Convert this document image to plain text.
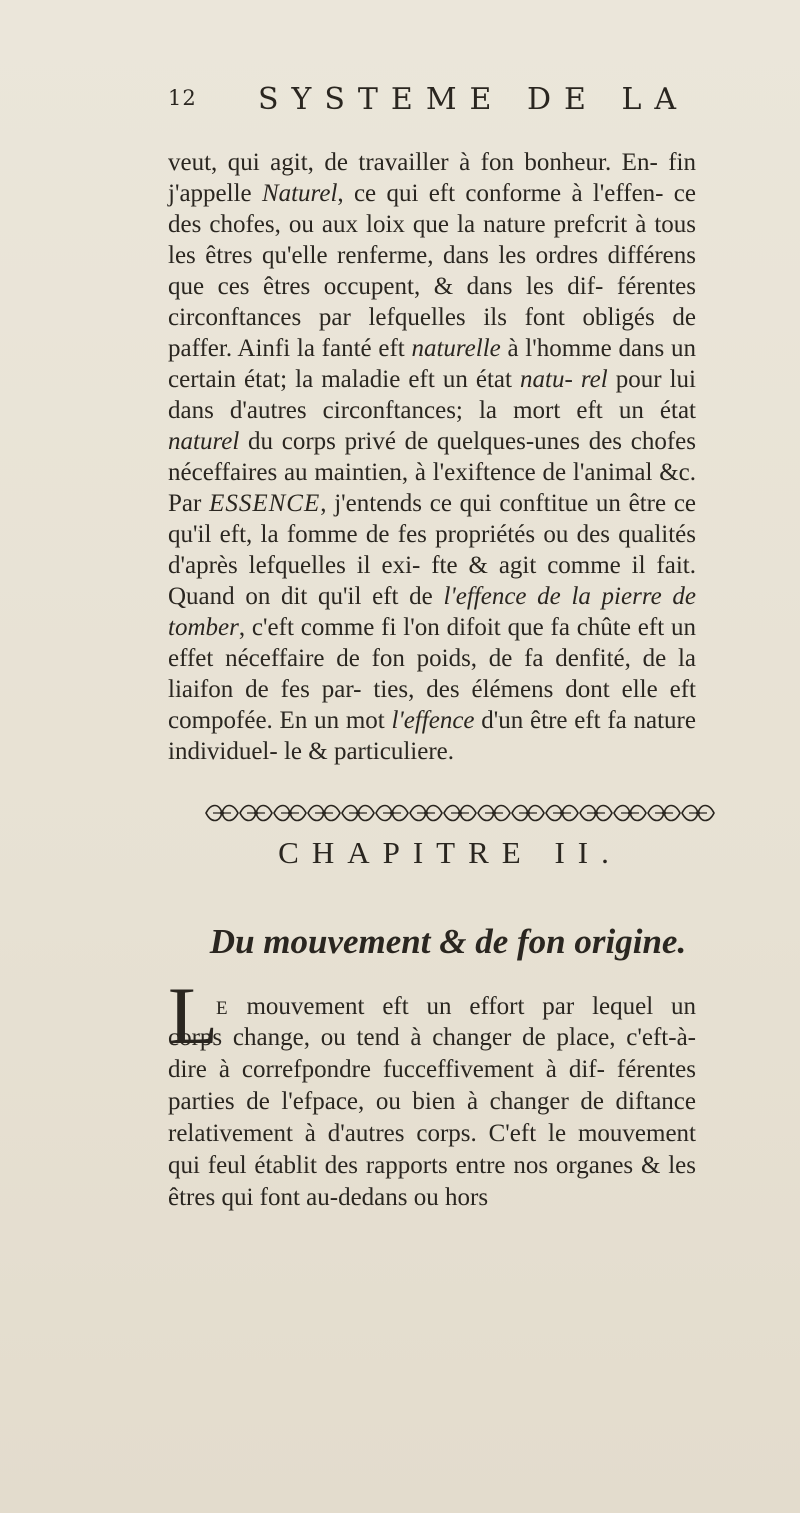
12 SYSTEME DE LA

veut, qui agit, de travailler à fon bonheur. En- fin j'appelle Naturel, ce qui eft conforme à l'effen- ce des chofes, ou aux loix que la nature prefcrit à tous les êtres qu'elle renferme, dans les ordres différens que ces êtres occupent, & dans les dif- férentes circonftances par lefquelles ils font obligés de paffer. Ainfi la fanté eft naturelle à l'homme dans un certain état; la maladie eft un état natu- rel pour lui dans d'autres circonftances; la mort eft un état naturel du corps privé de quelques-unes des chofes néceffaires au maintien, à l'exiftence de l'animal &c. Par ESSENCE, j'entends ce qui conftitue un être ce qu'il eft, la fomme de fes propriétés ou des qualités d'après lefquelles il exi- fte & agit comme il fait. Quand on dit qu'il eft de l'effence de la pierre de tomber, c'eft comme fi l'on difoit que fa chûte eft un effet néceffaire de fon poids, de fa denfité, de la liaifon de fes par- ties, des élémens dont elle eft compofée. En un mot l'effence d'un être eft fa nature individuel- le & particuliere.

CHAPITRE II.
Du mouvement & de fon origine.
L

E mouvement eft un effort par lequel un

corps change, ou tend à changer de place, c'eft-à-dire à correfpondre fucceffivement à dif- férentes parties de l'efpace, ou bien à changer de diftance relativement à d'autres corps. C'eft le mouvement qui feul établit des rapports entre nos organes & les êtres qui font au-dedans ou hors
